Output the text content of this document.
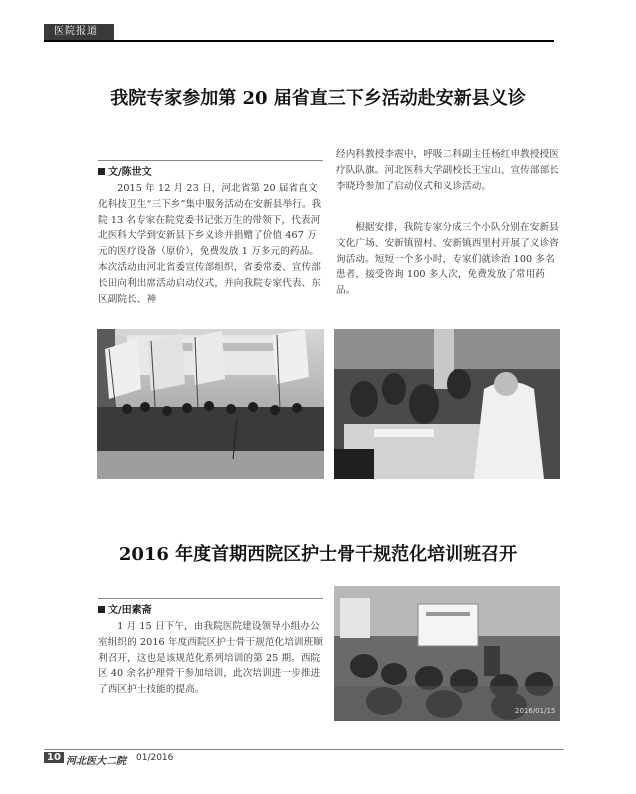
医院报道
我院专家参加第 20 届省直三下乡活动赴安新县义诊
文/陈世文

2015 年 12 月 23 日，河北省第 20 届省直文化科技卫生“三下乡”集中服务活动在安新县举行。我院 13 名专家在院党委书记张万生的带领下，代表河北医科大学到安新县下乡义诊并捐赠了价值 467 万元的医疗设备（原价），免费发放 1 万多元的药品。本次活动由河北省委宣传部组织，省委常委、宣传部长田向利出席活动启动仪式，并向我院专家代表、东区副院长、神

经内科教授李震中，呼吸二科副主任杨红申教授授医疗队队旗。河北医科大学副校长王宝山、宣传部部长李晓玲参加了启动仪式和义诊活动。

根据安排，我院专家分成三个小队分别在安新县文化广场、安新镇留村、安新镇西里村开展了义诊咨询活动。短短一个多小时，专家们就诊治 100 多名患者，接受咨询 100 多人次，免费发放了常用药品。

2016 年度首期西院区护士骨干规范化培训班召开
文/田素斋

1 月 15 日下午，由我院医院建设领导小组办公室组织的 2016 年度西院区护士骨干规范化培训班顺利召开，这也是该规范化系列培训的第 25 期。西院区 40 余名护理骨干参加培训，此次培训进一步推进了西区护士技能的提高。

2016/01/15
10 河北医大二院 01/2016
